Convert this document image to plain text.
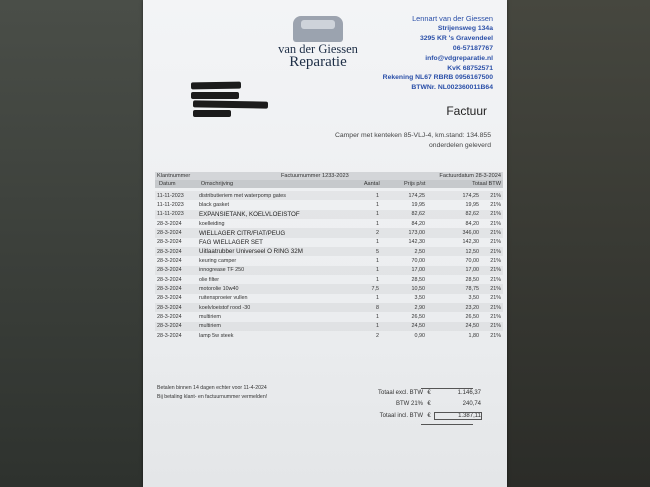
van der Giessen
Reparatie
Lennart van der Giessen
Strijensweg 134a
3295 KR 's Gravendeel
06-57187767
info@vdgreparatie.nl
KvK 68752571
Rekening NL67 RBRB 0956167500
BTWNr. NL002360011B64
Factuur
Camper met kenteken 85-VLJ-4, km.stand: 134.855
onderdelen geleverd
Klantnummer	Factuurnummer 1233-2023	Factuurdatum 28-3-2024
Datum	Omschrijving	Aantal	Prijs p/st	Totaal BTW
11-11-2023	distributieriem met waterpomp gates	1	174,25	174,25	21%
11-11-2023	black gasket	1	19,95	19,95	21%
11-11-2023	EXPANSIETANK, KOELVLOEISTOF	1	82,62	82,62	21%
28-3-2024	koelleiding	1	84,20	84,20	21%
28-3-2024	WIELLAGER CITR/FIAT/PEUG	2	173,00	346,00	21%
28-3-2024	FAG WIELLAGER SET	1	142,30	142,30	21%
28-3-2024	Uitlaatrubber Universeel O RING 32M	5	2,50	12,50	21%
28-3-2024	keuring camper	1	70,00	70,00	21%
28-3-2024	innogrease TF 250	1	17,00	17,00	21%
28-3-2024	olie filter	1	28,50	28,50	21%
28-3-2024	motorolie 10w40	7,5	10,50	78,75	21%
28-3-2024	ruitensproeier vullen	1	3,50	3,50	21%
28-3-2024	koelvloeistof rood -30	8	2,90	23,20	21%
28-3-2024	multiriem	1	26,50	26,50	21%
28-3-2024	multiriem	1	24,50	24,50	21%
28-3-2024	lamp 5w steek	2	0,90	1,80	21%
Betalen binnen 14 dagen echter voor 11-4-2024
Bij betaling klant- en factuurnummer vermelden!
Totaal excl. BTW €	1.146,37
BTW 21% €	240,74
Totaal incl. BTW €	1.387,11
